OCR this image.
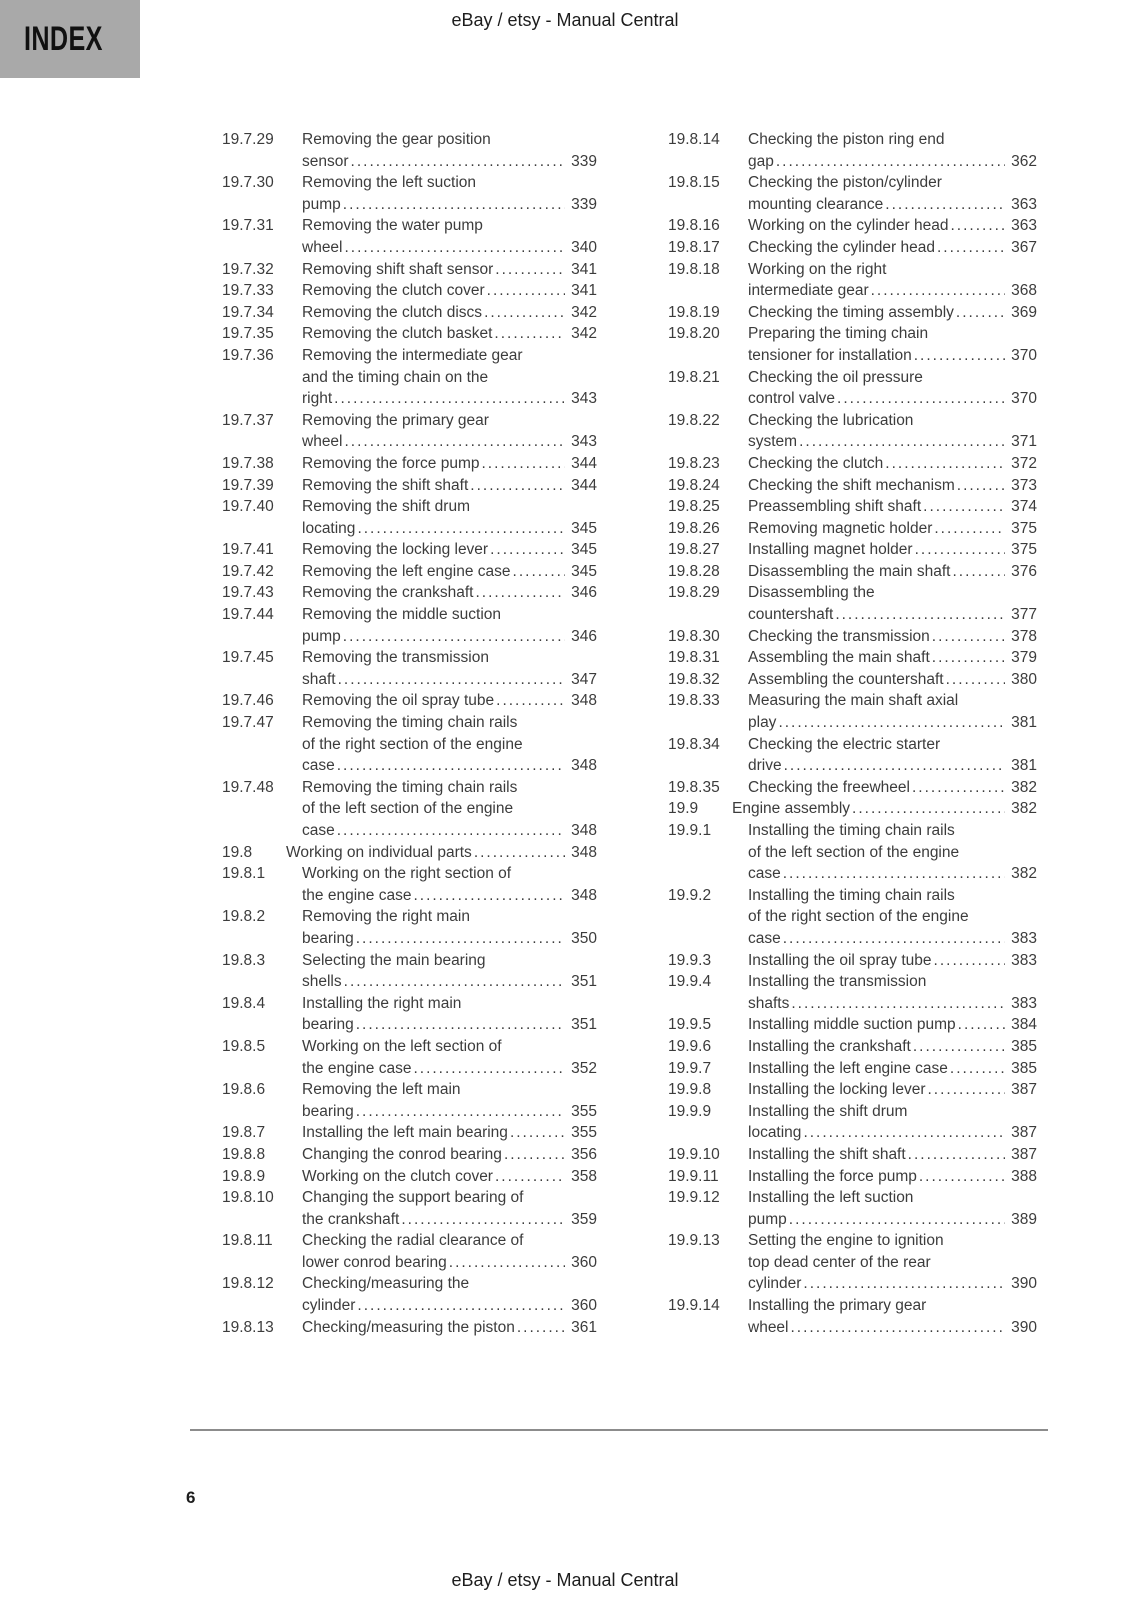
INDEX	eBay / etsy - Manual Central
19.7.29	Removing the gear position
sensor .....	339
19.7.30	Removing the left suction
pump .....	339
19.7.31	Removing the water pump
wheel .....	340
19.7.32	Removing shift shaft sensor .....	341
19.7.33	Removing the clutch cover .....	341
19.7.34	Removing the clutch discs .....	342
19.7.35	Removing the clutch basket .....	342
19.7.36	Removing the intermediate gear
and the timing chain on the
right .....	343
19.7.37	Removing the primary gear
wheel .....	343
19.7.38	Removing the force pump .....	344
19.7.39	Removing the shift shaft .....	344
19.7.40	Removing the shift drum
locating .....	345
19.7.41	Removing the locking lever .....	345
19.7.42	Removing the left engine case .....	345
19.7.43	Removing the crankshaft .....	346
19.7.44	Removing the middle suction
pump .....	346
19.7.45	Removing the transmission
shaft .....	347
19.7.46	Removing the oil spray tube .....	348
19.7.47	Removing the timing chain rails
of the right section of the engine
case .....	348
19.7.48	Removing the timing chain rails
of the left section of the engine
case .....	348
19.8	Working on individual parts .....	348
19.8.1	Working on the right section of
the engine case .....	348
19.8.2	Removing the right main
bearing .....	350
19.8.3	Selecting the main bearing
shells .....	351
19.8.4	Installing the right main
bearing .....	351
19.8.5	Working on the left section of
the engine case .....	352
19.8.6	Removing the left main
bearing .....	355
19.8.7	Installing the left main bearing .....	355
19.8.8	Changing the conrod bearing .....	356
19.8.9	Working on the clutch cover .....	358
19.8.10	Changing the support bearing of
the crankshaft .....	359
19.8.11	Checking the radial clearance of
lower conrod bearing .....	360
19.8.12	Checking/measuring the
cylinder .....	360
19.8.13	Checking/measuring the piston .....	361
19.8.14	Checking the piston ring end
gap .....	362
19.8.15	Checking the piston/cylinder
mounting clearance .....	363
19.8.16	Working on the cylinder head .....	363
19.8.17	Checking the cylinder head .....	367
19.8.18	Working on the right
intermediate gear .....	368
19.8.19	Checking the timing assembly .....	369
19.8.20	Preparing the timing chain
tensioner for installation .....	370
19.8.21	Checking the oil pressure
control valve .....	370
19.8.22	Checking the lubrication
system .....	371
19.8.23	Checking the clutch .....	372
19.8.24	Checking the shift mechanism .....	373
19.8.25	Preassembling shift shaft .....	374
19.8.26	Removing magnetic holder .....	375
19.8.27	Installing magnet holder .....	375
19.8.28	Disassembling the main shaft .....	376
19.8.29	Disassembling the
countershaft .....	377
19.8.30	Checking the transmission .....	378
19.8.31	Assembling the main shaft .....	379
19.8.32	Assembling the countershaft .....	380
19.8.33	Measuring the main shaft axial
play .....	381
19.8.34	Checking the electric starter
drive .....	381
19.8.35	Checking the freewheel .....	382
19.9	Engine assembly .....	382
19.9.1	Installing the timing chain rails
of the left section of the engine
case .....	382
19.9.2	Installing the timing chain rails
of the right section of the engine
case .....	383
19.9.3	Installing the oil spray tube .....	383
19.9.4	Installing the transmission
shafts .....	383
19.9.5	Installing middle suction pump .....	384
19.9.6	Installing the crankshaft .....	385
19.9.7	Installing the left engine case .....	385
19.9.8	Installing the locking lever .....	387
19.9.9	Installing the shift drum
locating .....	387
19.9.10	Installing the shift shaft .....	387
19.9.11	Installing the force pump .....	388
19.9.12	Installing the left suction
pump .....	389
19.9.13	Setting the engine to ignition
top dead center of the rear
cylinder .....	390
19.9.14	Installing the primary gear
wheel .....	390
6
eBay / etsy - Manual Central
